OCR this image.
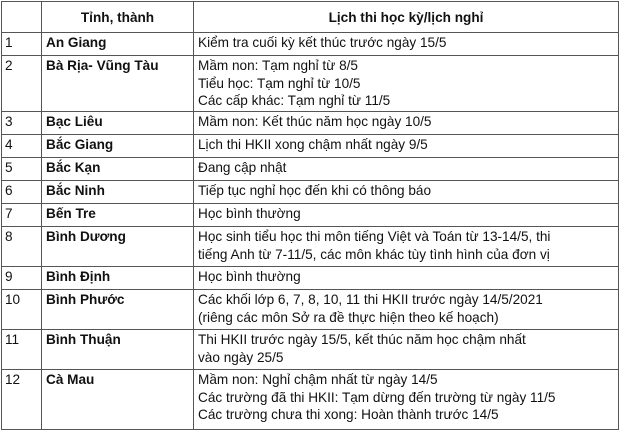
	Tỉnh, thành	Lịch thi học kỳ/lịch nghỉ
1	An Giang	Kiểm tra cuối kỳ kết thúc trước ngày 15/5

2	Bà Rịa- Vũng Tàu	Mầm non: Tạm nghỉ từ 8/5
Tiểu học: Tạm nghỉ từ 10/5
Các cấp khác: Tạm nghỉ từ 11/5

3	Bạc Liêu	Mầm non: Kết thúc năm học ngày 10/5

4	Bắc Giang	Lịch thi HKII xong chậm nhất ngày 9/5

5	Bắc Kạn	Đang cập nhật

6	Bắc Ninh	Tiếp tục nghỉ học đến khi có thông báo

7	Bến Tre	Học bình thường

8	Bình Dương	Học sinh tiểu học thi môn tiếng Việt và Toán từ 13-14/5, thi
tiếng Anh từ 7-11/5, các môn khác tùy tình hình của đơn vị

9	Bình Định	Học bình thường

10	Bình Phước	Các khối lớp 6, 7, 8, 10, 11 thi HKII trước ngày 14/5/2021
(riêng các môn Sở ra đề thực hiện theo kế hoạch)

11	Bình Thuận	Thi HKII trước ngày 15/5, kết thúc năm học chậm nhất
vào ngày 25/5

12	Cà Mau	Mầm non: Nghỉ chậm nhất từ ngày 14/5
Các trường đã thi HKII: Tạm dừng đến trường từ ngày 11/5
Các trường chưa thi xong: Hoàn thành trước 14/5
